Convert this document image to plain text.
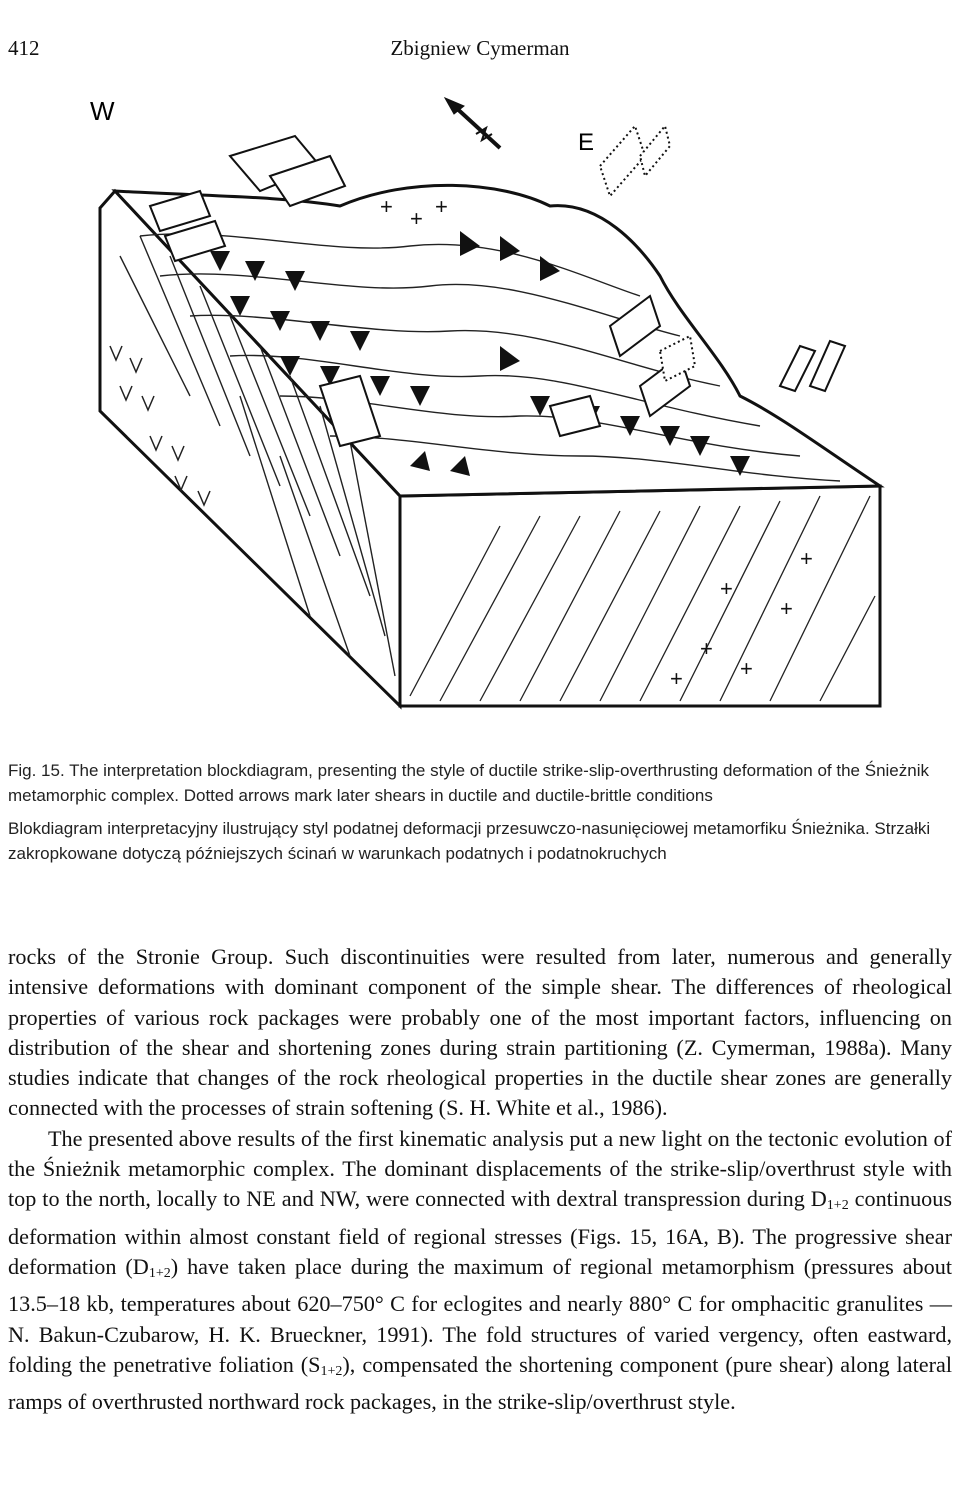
412	Zbigniew Cymerman
W
E
+
+
+
+
+
+
+ + +

Fig. 15. The interpretation blockdiagram, presenting the style of ductile strike-slip-overthrusting deformation of the Śnieżnik metamorphic complex. Dotted arrows mark later shears in ductile and ductile-brittle conditions

Blokdiagram interpretacyjny ilustrujący styl podatnej deformacji przesuwczo-nasunięciowej metamorfiku Śnieżnika. Strzałki zakropkowane dotyczą późniejszych ścinań w warunkach podatnych i podatnokruchych

rocks of the Stronie Group. Such discontinuities were resulted from later, numerous and generally intensive deformations with dominant component of the simple shear. The differences of rheological properties of various rock packages were probably one of the most important factors, influencing on distribution of the shear and shortening zones during strain partitioning (Z. Cymerman, 1988a). Many studies indicate that changes of the rock rheological properties in the ductile shear zones are generally connected with the processes of strain softening (S. H. White et al., 1986).

The presented above results of the first kinematic analysis put a new light on the tectonic evolution of the Śnieżnik metamorphic complex. The dominant displacements of the strike-slip/overthrust style with top to the north, locally to NE and NW, were connected with dextral transpression during $D_{1+2}$ continuous deformation within almost constant field of regional stresses (Figs. 15, 16A, B). The progressive shear deformation $(D_{1+2})$ have taken place during the maximum of regional metamorphism (pressures about 13.5–18 kb, temperatures about 620–750° C for eclogites and nearly 880° C for omphacitic granulites — N. Bakun-Czubarow, H. K. Brueckner, 1991). The fold structures of varied vergency, often eastward, folding the penetrative foliation $(S_{1+2})$, compensated the shortening component (pure shear) along lateral ramps of overthrusted northward rock packages, in the strike-slip/overthrust style.
